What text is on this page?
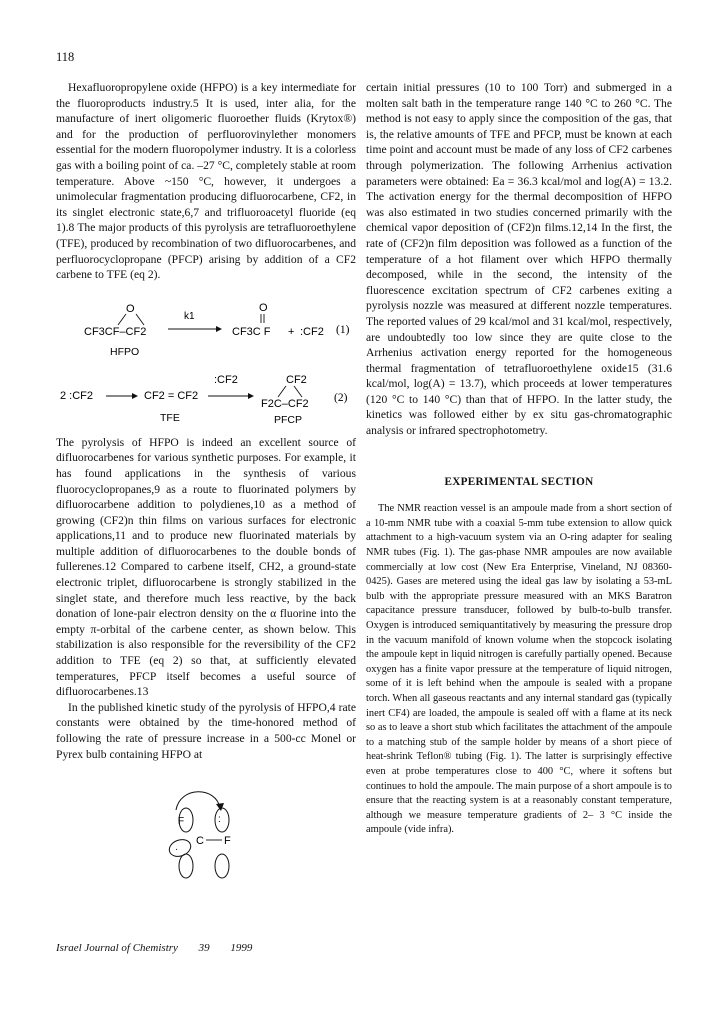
118

Hexafluoropropylene oxide (HFPO) is a key intermediate for the fluoroproducts industry.5 It is used, inter alia, for the manufacture of inert oligomeric fluoroether fluids (Krytox®) and for the production of perfluorovinylether monomers essential for the modern fluoropolymer industry. It is a colorless gas with a boiling point of ca. –27 °C, completely stable at room temperature. Above ~150 °C, however, it undergoes a unimolecular fragmentation producing difluorocarbene, CF2, in its singlet electronic state,6,7 and trifluoroacetyl fluoride (eq 1).8 The major products of this pyrolysis are tetrafluoroethylene (TFE), produced by recombination of two difluorocarbenes, and perfluorocyclopropane (PFCP) arising by addition of a CF2 carbene to TFE (eq 2).

O
CF3CF–CF2
HFPO
k1
O
CF3C F + :CF2 (1)
2 :CF2	CF2 = CF2
TFE
:CF2	CF2
F2C–CF2
PFCP
(2)

The pyrolysis of HFPO is indeed an excellent source of difluorocarbenes for various synthetic purposes. For example, it has found applications in the synthesis of various fluorocyclopropanes,9 as a route to fluorinated polymers by difluorocarbene addition to polydienes,10 as a method of growing (CF2)n thin films on various surfaces for electronic applications,11 and to produce new fluorinated materials by multiple addition of difluorocarbenes to the double bonds of fullerenes.12 Compared to carbene itself, CH2, a ground-state electronic triplet, difluorocarbene is strongly stabilized in the singlet state, and therefore much less reactive, by the back donation of lone-pair electron density on the α fluorine into the empty π-orbital of the carbene center, as shown below. This stabilization is also responsible for the reversibility of the CF2 addition to TFE (eq 2) so that, at sufficiently elevated temperatures, PFCP itself becomes a useful source of difluorocarbenes.13

In the published kinetic study of the pyrolysis of HFPO,4 rate constants were obtained by the time-honored method of following the rate of pressure increase in a 500-cc Monel or Pyrex bulb containing HFPO at

F	:
C F
·

certain initial pressures (10 to 100 Torr) and submerged in a molten salt bath in the temperature range 140 °C to 260 °C. The method is not easy to apply since the composition of the gas, that is, the relative amounts of TFE and PFCP, must be known at each time point and account must be made of any loss of CF2 carbenes through polymerization. The following Arrhenius activation parameters were obtained: Ea = 36.3 kcal/mol and log(A) = 13.2. The activation energy for the thermal decomposition of HFPO was also estimated in two studies concerned primarily with the chemical vapor deposition of (CF2)n films.12,14 In the first, the rate of (CF2)n film deposition was followed as a function of the temperature of a hot filament over which HFPO thermally decomposed, while in the second, the intensity of the fluorescence excitation spectrum of CF2 carbenes exiting a pyrolysis nozzle was measured at different nozzle temperatures. The reported values of 29 kcal/mol and 31 kcal/mol, respectively, are undoubtedly too low since they are quite close to the Arrhenius activation energy reported for the homogeneous thermal fragmentation of tetrafluoroethylene oxide15 (31.6 kcal/mol, log(A) = 13.7), which proceeds at lower temperatures (120 °C to 140 °C) than that of HFPO. In the latter study, the kinetics was followed either by ex situ gas-chromatographic analysis or infrared spectrophotometry.

EXPERIMENTAL SECTION

The NMR reaction vessel is an ampoule made from a short section of a 10-mm NMR tube with a coaxial 5-mm tube extension to allow quick attachment to a high-vacuum system via an O-ring adapter for sealing NMR tubes (Fig. 1). The gas-phase NMR ampoules are now available commercially at low cost (New Era Enterprise, Vineland, NJ 08360-0425). Gases are metered using the ideal gas law by isolating a 53-mL bulb with the appropriate pressure measured with an MKS Baratron capacitance pressure transducer, followed by bulb-to-bulb transfer. Oxygen is introduced semiquantitatively by measuring the pressure drop in the vacuum manifold of known volume when the stopcock isolating the ampoule kept in liquid nitrogen is carefully partially opened. Because oxygen has a finite vapor pressure at the temperature of liquid nitrogen, some of it is left behind when the ampoule is sealed with a propane torch. When all gaseous reactants and any internal standard gas (typically inert CF4) are loaded, the ampoule is sealed off with a flame at its neck so as to leave a short stub which facilitates the attachment of the ampoule to a matching stub of the sample holder by means of a short piece of heat-shrink Teflon® tubing (Fig. 1). The latter is surprisingly effective even at probe temperatures close to 400 °C, where it softens but continues to hold the ampoule. The main purpose of a short ampoule is to ensure that the reacting system is at a reasonably constant temperature, although we measure temperature gradients of 2– 3 °C inside the ampoule (vide infra).

Israel Journal of Chemistry 39 1999
